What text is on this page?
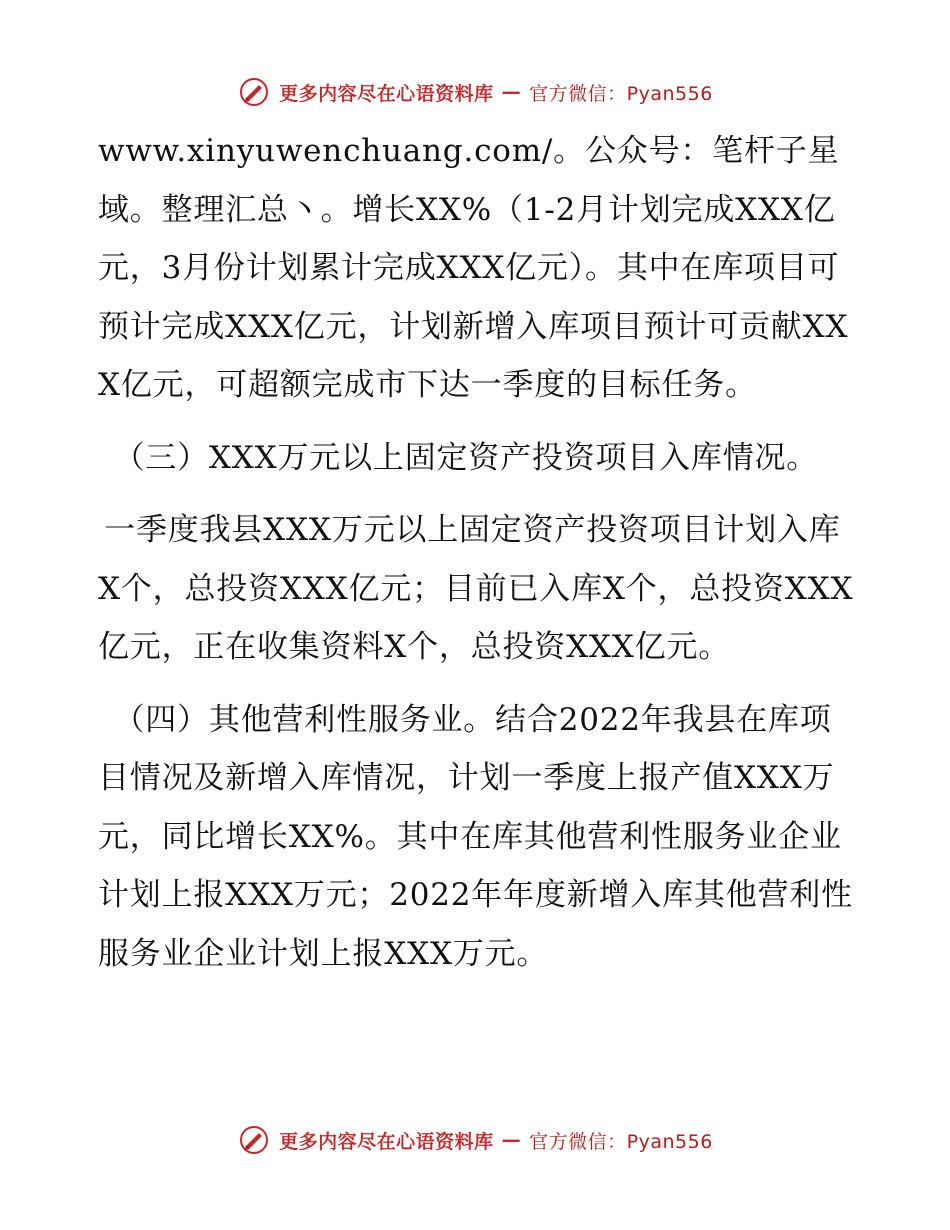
更多内容尽在心语资料库 — 官方微信：Pyan556

www.xinyuwenchuang.com/。公众号：笔杆子星域。整理汇总丶。增长XX%（1-2月计划完成XXX亿元，3月份计划累计完成XXX亿元）。其中在库项目可预计完成XXX亿元，计划新增入库项目预计可贡献XXX亿元，可超额完成市下达一季度的目标任务。

（三）XXX万元以上固定资产投资项目入库情况。

一季度我县XXX万元以上固定资产投资项目计划入库X个，总投资XXX亿元；目前已入库X个，总投资XXX亿元，正在收集资料X个，总投资XXX亿元。

（四）其他营利性服务业。结合2022年我县在库项目情况及新增入库情况，计划一季度上报产值XXX万元，同比增长XX%。其中在库其他营利性服务业企业计划上报XXX万元；2022年年度新增入库其他营利性服务业企业计划上报XXX万元。

更多内容尽在心语资料库 — 官方微信：Pyan556
